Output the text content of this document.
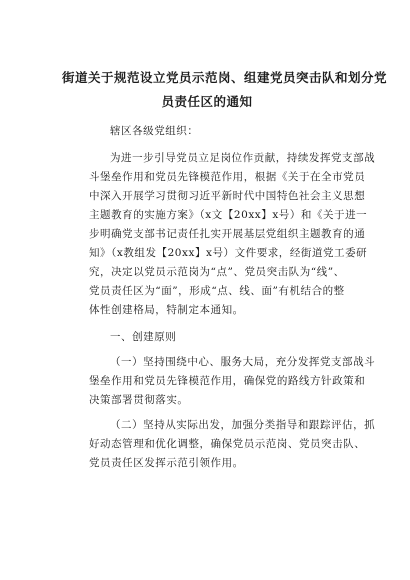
街道关于规范设立党员示范岗、组建党员突击队和划分党
员责任区的通知
辖区各级党组织：
为进一步引导党员立足岗位作贡献，持续发挥党支部战
斗堡垒作用和党员先锋模范作用，根据《关于在全市党员
中深入开展学习贯彻习近平新时代中国特色社会主义思想
主题教育的实施方案》（x文【20xx】x号）和《关于进一
步明确党支部书记责任扎实开展基层党组织主题教育的通
知》（x教组发【20xx】x号）文件要求，经街道党工委研
究，决定以党员示范岗为“点”、党员突击队为“线”、
党员责任区为“面”，形成“点、线、面”有机结合的整
体性创建格局，特制定本通知。
一、创建原则
（一）坚持围绕中心、服务大局，充分发挥党支部战斗
堡垒作用和党员先锋模范作用，确保党的路线方针政策和
决策部署贯彻落实。
（二）坚持从实际出发，加强分类指导和跟踪评估，抓
好动态管理和优化调整，确保党员示范岗、党员突击队、
党员责任区发挥示范引领作用。
